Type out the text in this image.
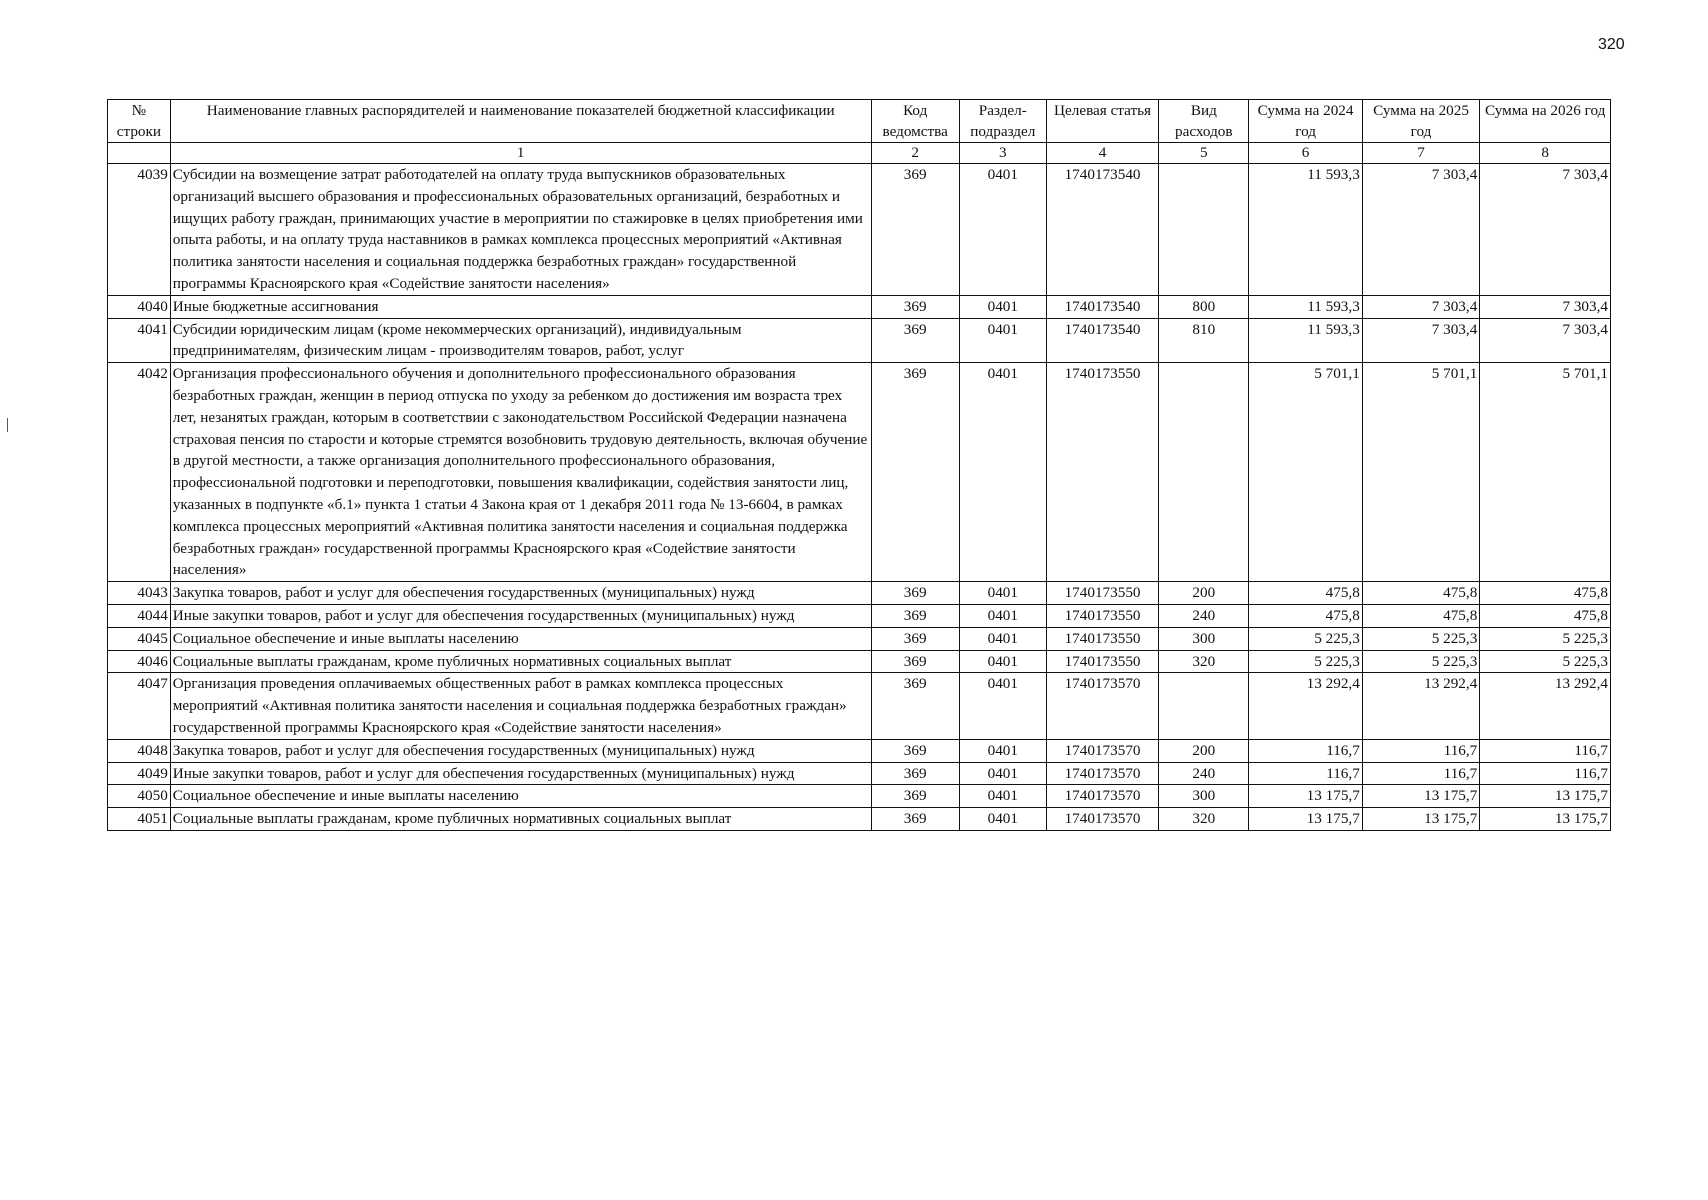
320
№ строки	Наименование главных распорядителей и наименование показателей бюджетной классификации	Код ведомства	Раздел-подраздел	Целевая статья	Вид расходов	Сумма на 2024 год	Сумма на 2025 год	Сумма на 2026 год
	1	2	3	4	5	6	7	8
4039	Субсидии на возмещение затрат работодателей на оплату труда выпускников образовательных организаций высшего образования и профессиональных образовательных организаций, безработных и ищущих работу граждан, принимающих участие в мероприятии по стажировке в целях приобретения ими опыта работы, и на оплату труда наставников в рамках комплекса процессных мероприятий «Активная политика занятости населения и социальная поддержка безработных граждан» государственной программы Красноярского края «Содействие занятости населения»	369	0401	1740173540		11 593,3	7 303,4	7 303,4
4040	Иные бюджетные ассигнования	369	0401	1740173540	800	11 593,3	7 303,4	7 303,4
4041	Субсидии юридическим лицам (кроме некоммерческих организаций), индивидуальным предпринимателям, физическим лицам - производителям товаров, работ, услуг	369	0401	1740173540	810	11 593,3	7 303,4	7 303,4
4042	Организация профессионального обучения и дополнительного профессионального образования безработных граждан, женщин в период отпуска по уходу за ребенком до достижения им возраста трех лет, незанятых граждан, которым в соответствии с законодательством Российской Федерации назначена страховая пенсия по старости и которые стремятся возобновить трудовую деятельность, включая обучение в другой местности, а также организация дополнительного профессионального образования, профессиональной подготовки и переподготовки, повышения квалификации, содействия занятости лиц, указанных в подпункте «б.1» пункта 1 статьи 4 Закона края от 1 декабря 2011 года № 13-6604, в рамках комплекса процессных мероприятий «Активная политика занятости населения и социальная поддержка безработных граждан» государственной программы Красноярского края «Содействие занятости населения»	369	0401	1740173550		5 701,1	5 701,1	5 701,1
4043	Закупка товаров, работ и услуг для обеспечения государственных (муниципальных) нужд	369	0401	1740173550	200	475,8	475,8	475,8
4044	Иные закупки товаров, работ и услуг для обеспечения государственных (муниципальных) нужд	369	0401	1740173550	240	475,8	475,8	475,8
4045	Социальное обеспечение и иные выплаты населению	369	0401	1740173550	300	5 225,3	5 225,3	5 225,3
4046	Социальные выплаты гражданам, кроме публичных нормативных социальных выплат	369	0401	1740173550	320	5 225,3	5 225,3	5 225,3
4047	Организация проведения оплачиваемых общественных работ в рамках комплекса процессных мероприятий «Активная политика занятости населения и социальная поддержка безработных граждан» государственной программы Красноярского края «Содействие занятости населения»	369	0401	1740173570		13 292,4	13 292,4	13 292,4
4048	Закупка товаров, работ и услуг для обеспечения государственных (муниципальных) нужд	369	0401	1740173570	200	116,7	116,7	116,7
4049	Иные закупки товаров, работ и услуг для обеспечения государственных (муниципальных) нужд	369	0401	1740173570	240	116,7	116,7	116,7
4050	Социальное обеспечение и иные выплаты населению	369	0401	1740173570	300	13 175,7	13 175,7	13 175,7
4051	Социальные выплаты гражданам, кроме публичных нормативных социальных выплат	369	0401	1740173570	320	13 175,7	13 175,7	13 175,7
